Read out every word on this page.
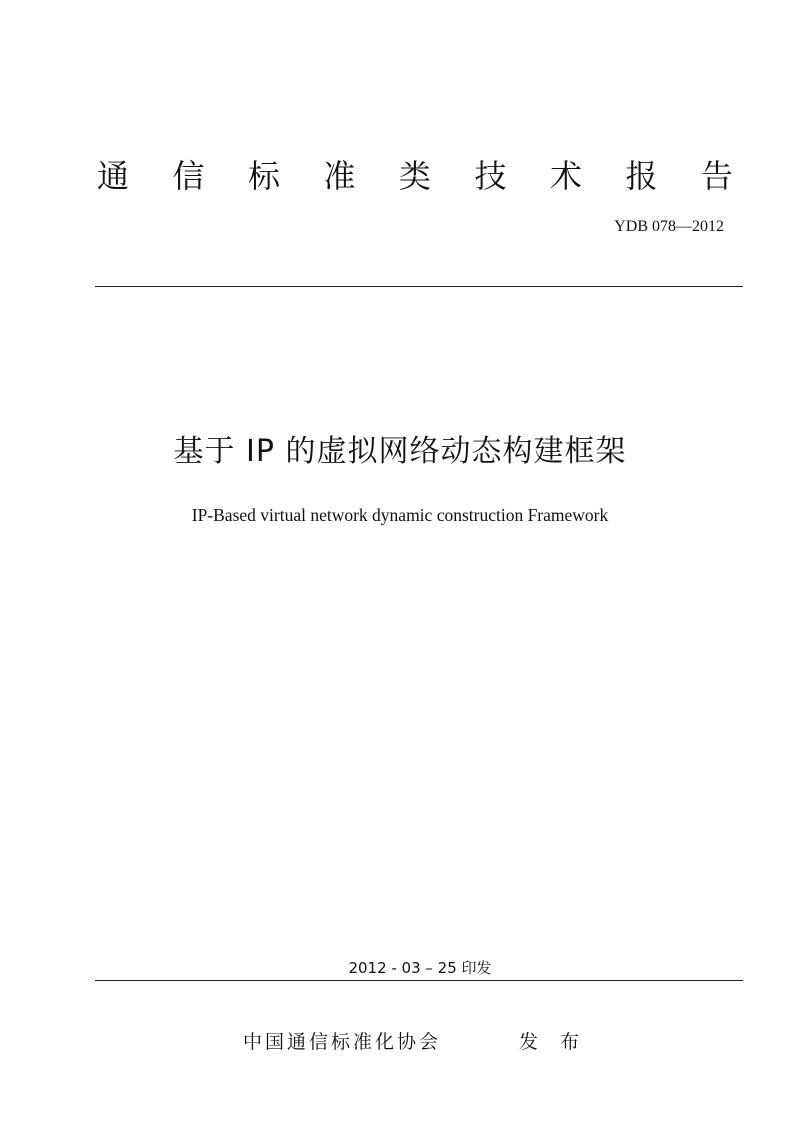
通 信 标 准 类 技 术 报 告
YDB 078—2012
基于 IP 的虚拟网络动态构建框架
IP-Based virtual network dynamic construction Framework
2012 - 03 – 25 印发
中国通信标准化协会	发 布
